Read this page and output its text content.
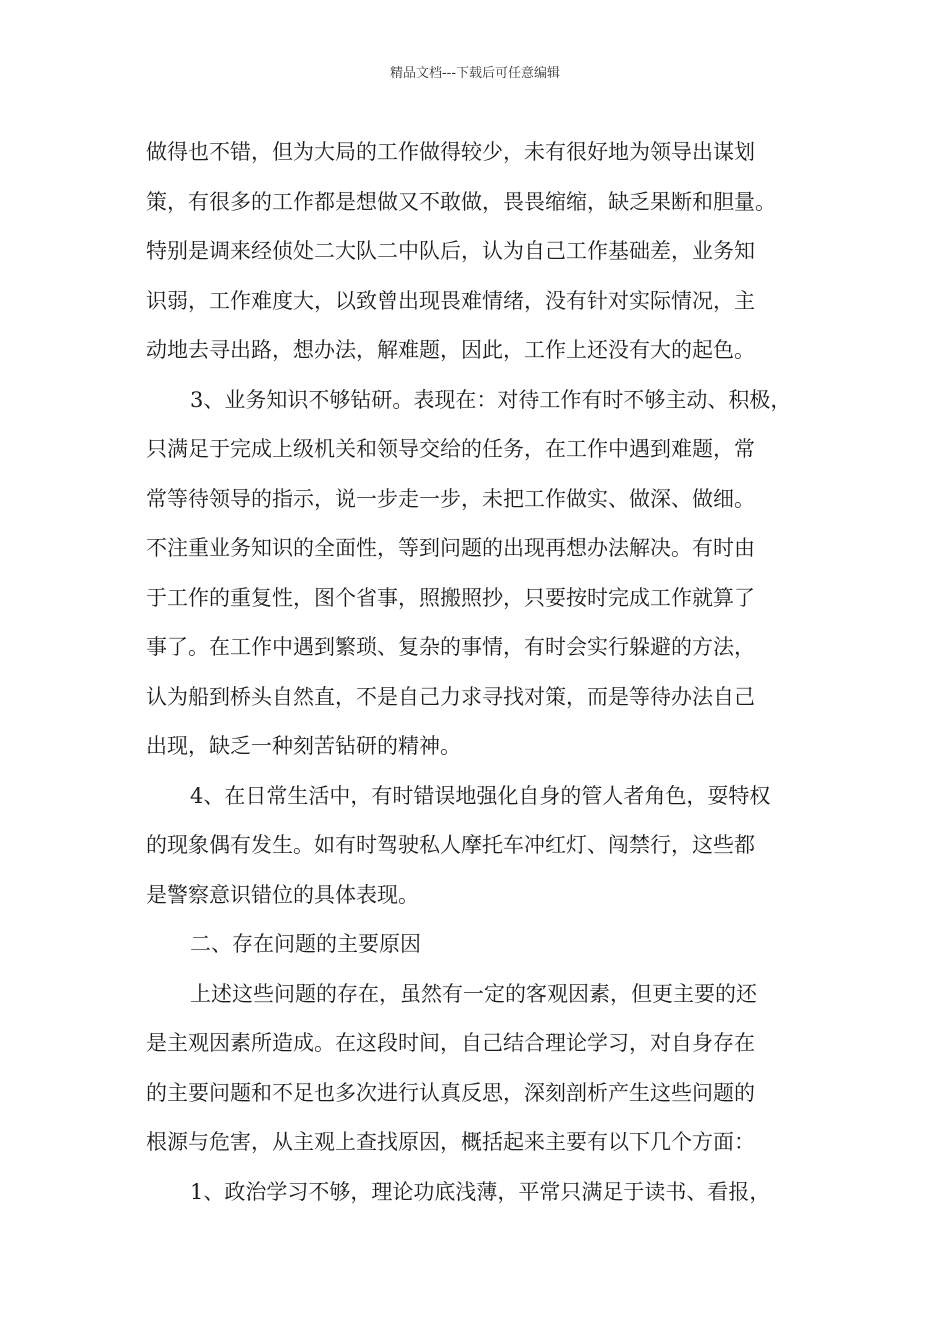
精品文档---下载后可任意编辑
做得也不错，但为大局的工作做得较少，未有很好地为领导出谋划
策，有很多的工作都是想做又不敢做，畏畏缩缩，缺乏果断和胆量。
特别是调来经侦处二大队二中队后，认为自己工作基础差，业务知
识弱，工作难度大，以致曾出现畏难情绪，没有针对实际情况，主
动地去寻出路，想办法，解难题，因此，工作上还没有大的起色。
3、业务知识不够钻研。表现在：对待工作有时不够主动、积极，
只满足于完成上级机关和领导交给的任务，在工作中遇到难题，常
常等待领导的指示，说一步走一步，未把工作做实、做深、做细。
不注重业务知识的全面性，等到问题的出现再想办法解决。有时由
于工作的重复性，图个省事，照搬照抄，只要按时完成工作就算了
事了。在工作中遇到繁琐、复杂的事情，有时会实行躲避的方法，
认为船到桥头自然直，不是自己力求寻找对策，而是等待办法自己
出现，缺乏一种刻苦钻研的精神。
4、在日常生活中，有时错误地强化自身的管人者角色，耍特权
的现象偶有发生。如有时驾驶私人摩托车冲红灯、闯禁行，这些都
是警察意识错位的具体表现。
二、存在问题的主要原因
上述这些问题的存在，虽然有一定的客观因素，但更主要的还
是主观因素所造成。在这段时间，自己结合理论学习，对自身存在
的主要问题和不足也多次进行认真反思，深刻剖析产生这些问题的
根源与危害，从主观上查找原因，概括起来主要有以下几个方面：
1、政治学习不够，理论功底浅薄，平常只满足于读书、看报，
